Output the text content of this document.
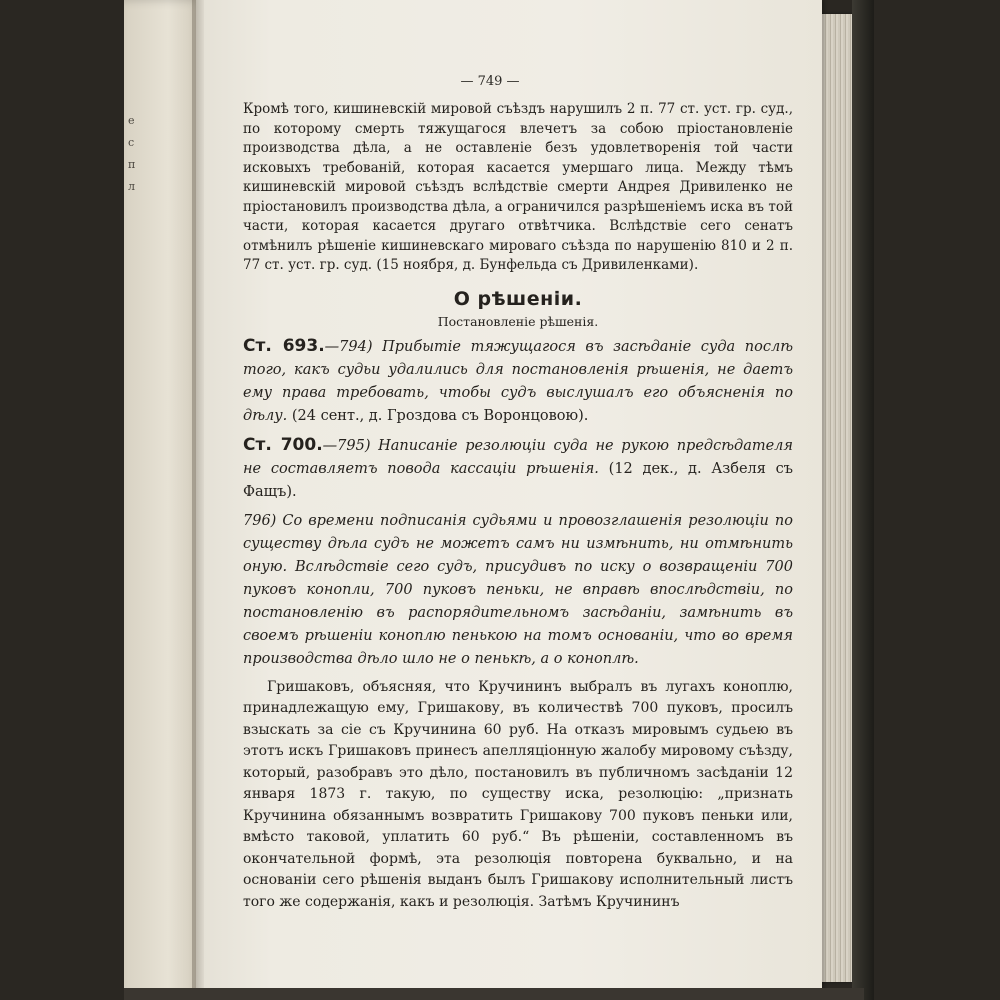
е
с
п
л
— 749 —

Кромѣ того, кишиневскій мировой съѣздъ нарушилъ 2 п. 77 ст. уст. гр. суд., по которому смерть тяжущагося влечетъ за собою пріостановленіе производства дѣла, а не оставленіе безъ удовлетворенія той части исковыхъ требованій, которая касается умершаго лица. Между тѣмъ кишиневскій мировой съѣздъ вслѣдствіе смерти Андрея Дривиленко не пріостановилъ производства дѣла, а ограничился разрѣшеніемъ иска въ той части, которая касается другаго отвѣтчика. Вслѣдствіе сего сенатъ отмѣнилъ рѣшеніе кишиневскаго мироваго съѣзда по нарушенію 810 и 2 п. 77 ст. уст. гр. суд. (15 ноября, д. Бунфельда съ Дривиленками).

О рѣшеніи.
Постановленіе рѣшенія.

Ст. 693.—794) Прибытіе тяжущагося въ засѣданіе суда послѣ того, какъ судьи удалились для постановленія рѣшенія, не даетъ ему права требовать, чтобы судъ выслушалъ его объясненія по дѣлу. (24 сент., д. Гроздова съ Воронцовою).

Ст. 700.—795) Написаніе резолюціи суда не рукою предсѣдателя не составляетъ повода кассаціи рѣшенія. (12 дек., д. Азбеля съ Фащъ).

796) Со времени подписанія судьями и провозглашенія резолюціи по существу дѣла судъ не можетъ самъ ни измѣнить, ни отмѣнить оную. Вслѣдствіе сего судъ, присудивъ по иску о возвращеніи 700 пуковъ конопли, 700 пуковъ пеньки, не вправѣ впослѣдствіи, по постановленію въ распорядительномъ засѣданіи, замѣнить въ своемъ рѣшеніи коноплю пенькою на томъ основаніи, что во время производства дѣло шло не о пенькѣ, а о коноплѣ.

Гришаковъ, объясняя, что Кручининъ выбралъ въ лугахъ коноплю, принадлежащую ему, Гришакову, въ количествѣ 700 пуковъ, просилъ взыскать за сіе съ Кручинина 60 руб. На отказъ мировымъ судьею въ этотъ искъ Гришаковъ принесъ апелляціонную жалобу мировому съѣзду, который, разобравъ это дѣло, постановилъ въ публичномъ засѣданіи 12 января 1873 г. такую, по существу иска, резолюцію: „признать Кручинина обязаннымъ возвратить Гришакову 700 пуковъ пеньки или, вмѣсто таковой, уплатить 60 руб.“ Въ рѣшеніи, составленномъ въ окончательной формѣ, эта резолюція повторена буквально, и на основаніи сего рѣшенія выданъ былъ Гришакову исполнительный листъ того же содержанія, какъ и резолюція. Затѣмъ Кручининъ
